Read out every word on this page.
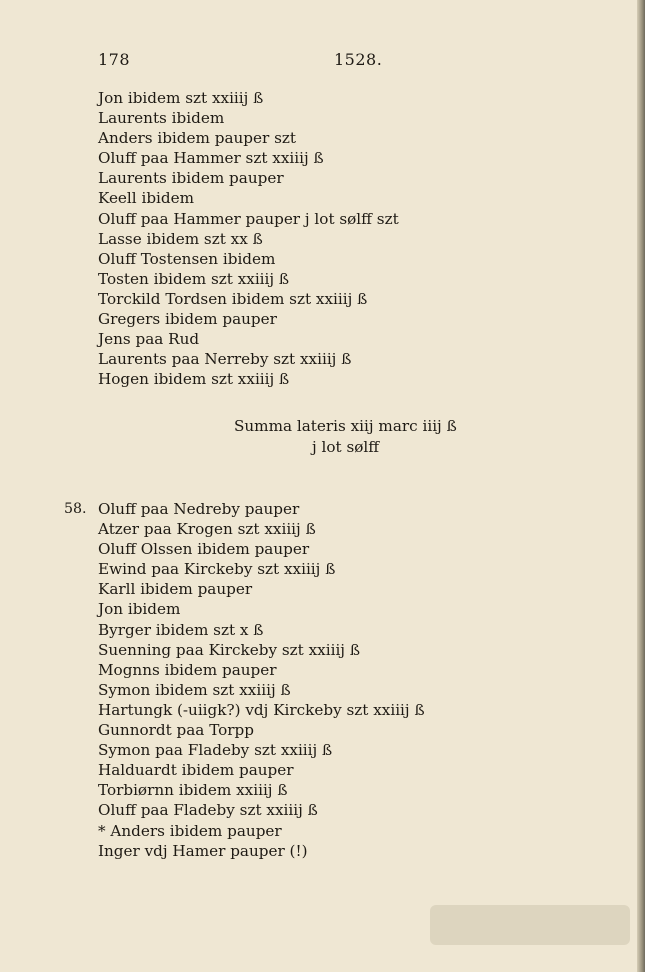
178	1528.
Jon ibidem szt xxiiij ß
Laurents ibidem
Anders ibidem pauper szt
Oluff paa Hammer szt xxiiij ß
Laurents ibidem pauper
Keell ibidem
Oluff paa Hammer pauper j lot sølff szt
Lasse ibidem szt xx ß
Oluff Tostensen ibidem
Tosten ibidem szt xxiiij ß
Torckild Tordsen ibidem szt xxiiij ß
Gregers ibidem pauper
Jens paa Rud
Laurents paa Nerreby szt xxiiij ß
Hogen ibidem szt xxiiij ß
Summa lateris xiij marc iiij ß
j lot sølff
58. Oluff paa Nedreby pauper
Atzer paa Krogen szt xxiiij ß
Oluff Olssen ibidem pauper
Ewind paa Kirckeby szt xxiiij ß
Karll ibidem pauper
Jon ibidem
Byrger ibidem szt x ß
Suenning paa Kirckeby szt xxiiij ß
Mognns ibidem pauper
Symon ibidem szt xxiiij ß
Hartungk (-uiigk?) vdj Kirckeby szt xxiiij ß
Gunnordt paa Torpp
Symon paa Fladeby szt xxiiij ß
Halduardt ibidem pauper
Torbiørnn ibidem xxiiij ß
Oluff paa Fladeby szt xxiiij ß
* Anders ibidem pauper
Inger vdj Hamer pauper (!)
